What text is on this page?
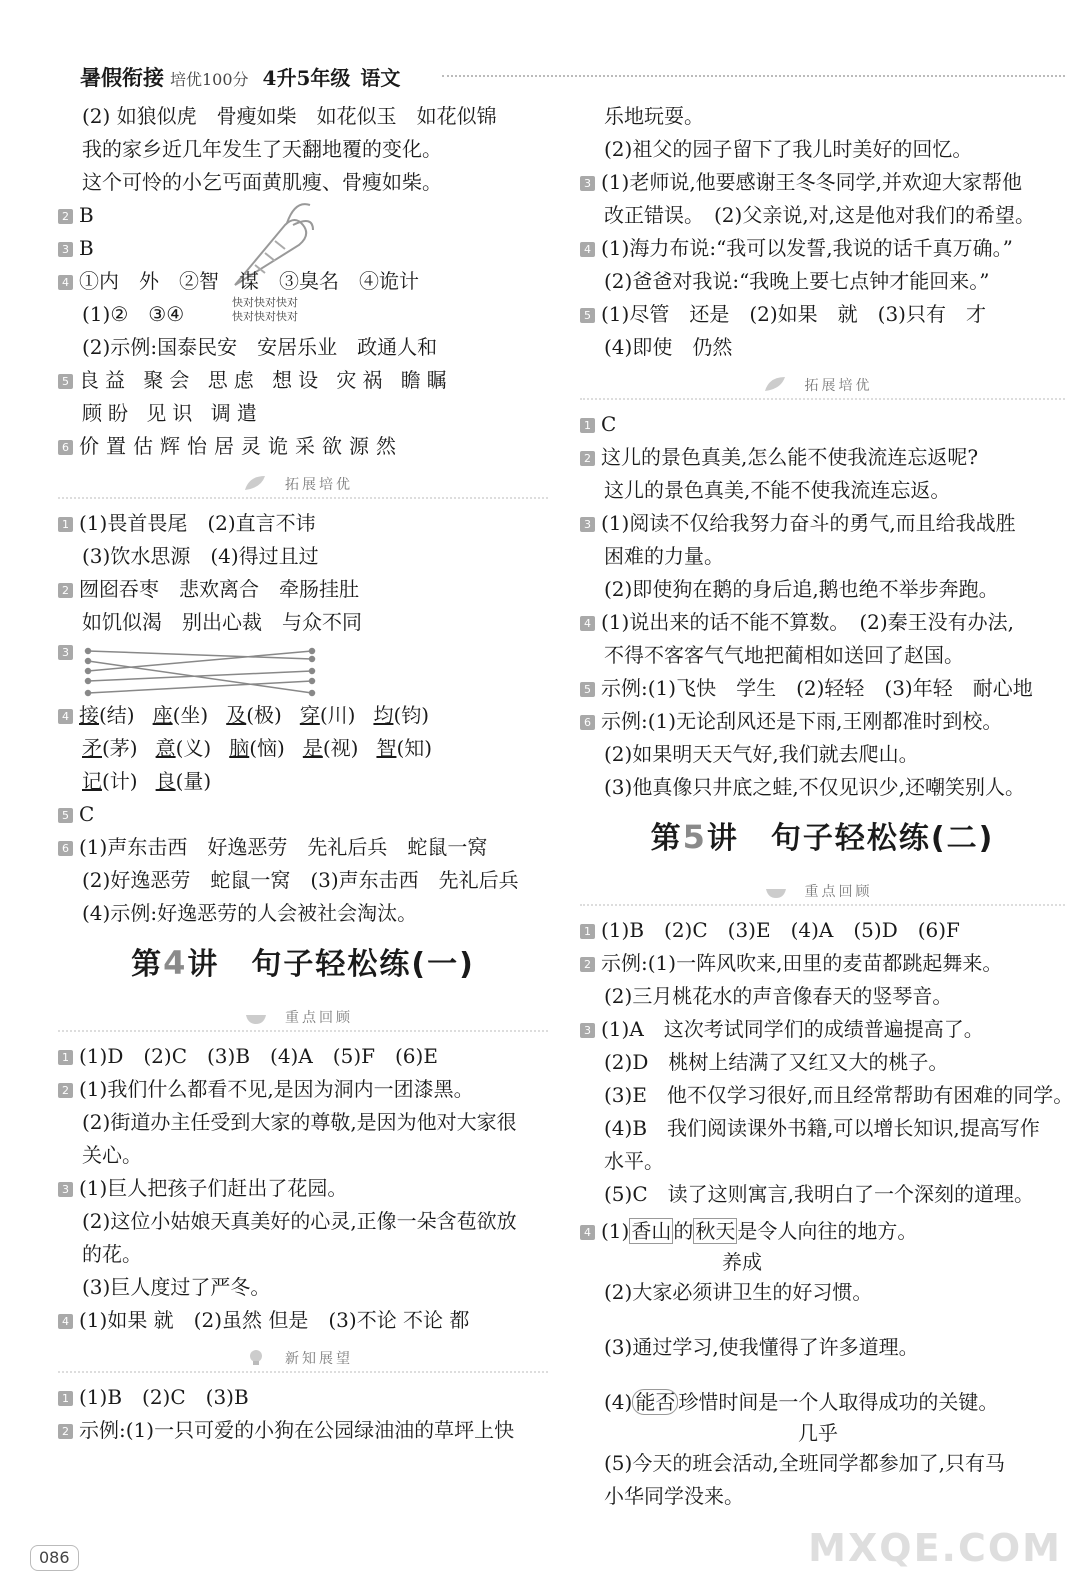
暑假衔接 培优100分 4升5年级 语文
快对快对快对
快对快对快对
(2) 如狼似虎　骨瘦如柴　如花似玉　如花似锦
我的家乡近几年发生了天翻地覆的变化。
这个可怜的小乞丐面黄肌瘦、骨瘦如柴。
2 B
3 B
4 ①内　外　②智　谋　③臭名　④诡计
(1)②　③④
(2)示例:国泰民安　安居乐业　政通人和
5 良益 聚会 思虑 想设 灾祸 瞻瞩
顾盼 见识 调遣
6 价置估辉怡居灵诡采欲源然
拓展培优
1 (1)畏首畏尾　(2)直言不讳
(3)饮水思源　(4)得过且过
2 囫囵吞枣　悲欢离合　牵肠挂肚
如饥似渴　别出心裁　与众不同
3
4 接(结) 座(坐) 及(极) 穿(川) 均(钧)
矛(茅) 意(义) 脑(恼) 是(视) 智(知)
记(计) 良(量)
5 C
6 (1)声东击西　好逸恶劳　先礼后兵　蛇鼠一窝
(2)好逸恶劳　蛇鼠一窝　(3)声东击西　先礼后兵
(4)示例:好逸恶劳的人会被社会淘汰。
第4讲　句子轻松练(一)
重点回顾
1 (1)D　(2)C　(3)B　(4)A　(5)F　(6)E
2 (1)我们什么都看不见,是因为洞内一团漆黑。
(2)街道办主任受到大家的尊敬,是因为他对大家很
关心。
3 (1)巨人把孩子们赶出了花园。
(2)这位小姑娘天真美好的心灵,正像一朵含苞欲放
的花。
(3)巨人度过了严冬。
4 (1)如果 就　(2)虽然 但是　(3)不论 不论 都
新知展望
1 (1)B　(2)C　(3)B
2 示例:(1)一只可爱的小狗在公园绿油油的草坪上快
乐地玩耍。
(2)祖父的园子留下了我儿时美好的回忆。
3 (1)老师说,他要感谢王冬冬同学,并欢迎大家帮他
改正错误。　(2)父亲说,对,这是他对我们的希望。
4 (1)海力布说:“我可以发誓,我说的话千真万确。”
(2)爸爸对我说:“我晚上要七点钟才能回来。”
5 (1)尽管　还是　(2)如果　就　(3)只有　才
(4)即使　仍然
拓展培优
1 C
2 这儿的景色真美,怎么能不使我流连忘返呢?
这儿的景色真美,不能不使我流连忘返。
3 (1)阅读不仅给我努力奋斗的勇气,而且给我战胜
困难的力量。
(2)即使狗在鹅的身后追,鹅也绝不举步奔跑。
4 (1)说出来的话不能不算数。　(2)秦王没有办法,
不得不客客气气地把蔺相如送回了赵国。
5 示例:(1)飞快　学生　(2)轻轻　(3)年轻　耐心地
6 示例:(1)无论刮风还是下雨,王刚都准时到校。
(2)如果明天天气好,我们就去爬山。
(3)他真像只井底之蛙,不仅见识少,还嘲笑别人。
第5讲　句子轻松练(二)
重点回顾
1 (1)B　(2)C　(3)E　(4)A　(5)D　(6)F
2 示例:(1)一阵风吹来,田里的麦苗都跳起舞来。
(2)三月桃花水的声音像春天的竖琴音。
3 (1)A　这次考试同学们的成绩普遍提高了。
(2)D　桃树上结满了又红又大的桃子。
(3)E　他不仅学习很好,而且经常帮助有困难的同学。
(4)B　我们阅读课外书籍,可以增长知识,提高写作
水平。
(5)C　读了这则寓言,我明白了一个深刻的道理。
4 (1) 香山 的 秋天 是令人向往的地方。
养成
(2)大家必须讲卫生的好习惯。
(3)通过学习,使我懂得了许多道理。
(4) 能否 珍惜时间是一个人取得成功的关键。
几乎
(5)今天的班会活动,全班同学都参加了,只有马
小华同学没来。
086	MXQE.COM
